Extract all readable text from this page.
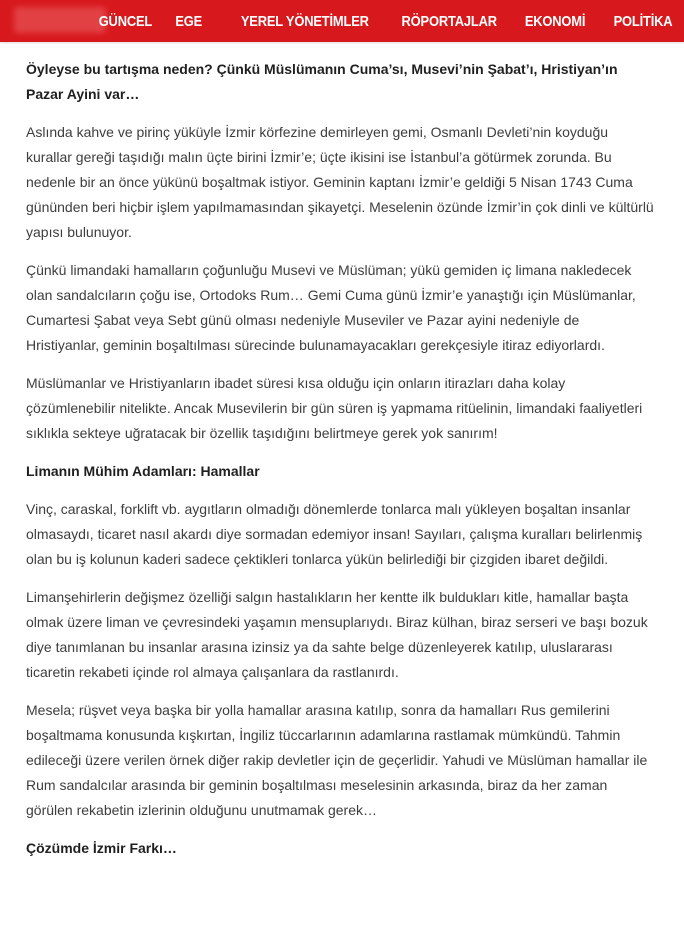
GÜNCEL EGE	YEREL YÖNETİMLER RÖPORTAJLAR EKONOMİ POLİTİKA
Öyleyse bu tartışma neden? Çünkü Müslümanın Cuma’sı, Musevi’nin Şabat’ı, Hristiyan’ın Pazar Ayini var…

Aslında kahve ve pirinç yüküyle İzmir körfezine demirleyen gemi, Osmanlı Devleti’nin koyduğu kurallar gereği taşıdığı malın üçte birini İzmir’e; üçte ikisini ise İstanbul’a götürmek zorunda. Bu nedenle bir an önce yükünü boşaltmak istiyor. Geminin kaptanı İzmir’e geldiği 5 Nisan 1743 Cuma gününden beri hiçbir işlem yapılmamasından şikayetçi. Meselenin özünde İzmir’in çok dinli ve kültürlü yapısı bulunuyor.

Çünkü limandaki hamalların çoğunluğu Musevi ve Müslüman; yükü gemiden iç limana nakledecek olan sandalcıların çoğu ise, Ortodoks Rum… Gemi Cuma günü İzmir’e yanaştığı için Müslümanlar, Cumartesi Şabat veya Sebt günü olması nedeniyle Museviler ve Pazar ayini nedeniyle de Hristiyanlar, geminin boşaltılması sürecinde bulunamayacakları gerekçesiyle itiraz ediyorlardı.

Müslümanlar ve Hristiyanların ibadet süresi kısa olduğu için onların itirazları daha kolay çözümlenebilir nitelikte. Ancak Musevilerin bir gün süren iş yapmama ritüelinin, limandaki faaliyetleri sıklıkla sekteye uğratacak bir özellik taşıdığını belirtmeye gerek yok sanırım!

Limanın Mühim Adamları: Hamallar

Vinç, caraskal, forklift vb. aygıtların olmadığı dönemlerde tonlarca malı yükleyen boşaltan insanlar olmasaydı, ticaret nasıl akardı diye sormadan edemiyor insan! Sayıları, çalışma kuralları belirlenmiş olan bu iş kolunun kaderi sadece çektikleri tonlarca yükün belirlediği bir çizgiden ibaret değildi.

Limanşehirlerin değişmez özelliği salgın hastalıkların her kentte ilk buldukları kitle, hamallar başta olmak üzere liman ve çevresindeki yaşamın mensuplarıydı. Biraz külhan, biraz serseri ve başı bozuk diye tanımlanan bu insanlar arasına izinsiz ya da sahte belge düzenleyerek katılıp, uluslararası ticaretin rekabeti içinde rol almaya çalışanlara da rastlanırdı.

Mesela; rüşvet veya başka bir yolla hamallar arasına katılıp, sonra da hamalları Rus gemilerini boşaltmama konusunda kışkırtan, İngiliz tüccarlarının adamlarına rastlamak mümkündü. Tahmin edileceği üzere verilen örnek diğer rakip devletler için de geçerlidir. Yahudi ve Müslüman hamallar ile Rum sandalcılar arasında bir geminin boşaltılması meselesinin arkasında, biraz da her zaman görülen rekabetin izlerinin olduğunu unutmamak gerek…

Çözümde İzmir Farkı…
